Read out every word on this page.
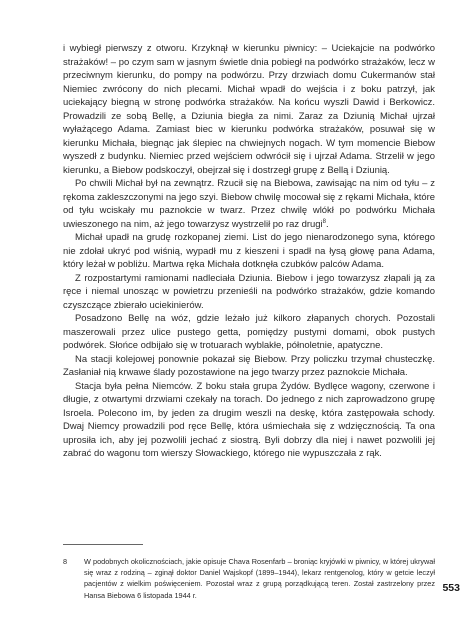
i wybiegł pierwszy z otworu. Krzyknął w kierunku piwnicy: – Uciekajcie na podwórko strażaków! – po czym sam w jasnym świetle dnia pobiegł na podwórko strażaków, lecz w przeciwnym kierunku, do pompy na podwórzu. Przy drzwiach domu Cukermanów stał Niemiec zwrócony do nich plecami. Michał wpadł do wejścia i z boku patrzył, jak uciekający biegną w stronę podwórka strażaków. Na końcu wyszli Dawid i Berkowicz. Prowadzili ze sobą Bellę, a Dziunia biegła za nimi. Zaraz za Dziunią Michał ujrzał wyłażącego Adama. Zamiast biec w kierunku podwórka strażaków, posuwał się w kierunku Michała, biegnąc jak ślepiec na chwiejnych nogach. W tym momencie Biebow wyszedł z budynku. Niemiec przed wejściem odwrócił się i ujrzał Adama. Strzelił w jego kierunku, a Biebow podskoczył, obejrzał się i dostrzegł grupę z Bellą i Dziunią.

Po chwili Michał był na zewnątrz. Rzucił się na Biebowa, zawisając na nim od tyłu – z rękoma zakleszczonymi na jego szyi. Biebow chwilę mocował się z rękami Michała, które od tyłu wciskały mu paznokcie w twarz. Przez chwilę wlókł po podwórku Michała uwieszonego na nim, aż jego towarzysz wystrzelił po raz drugi$^8$.

Michał upadł na grudę rozkopanej ziemi. List do jego nienarodzonego syna, którego nie zdołał ukryć pod wiśnią, wypadł mu z kieszeni i spadł na łysą głowę pana Adama, który leżał w pobliżu. Martwa ręka Michała dotknęła czubków palców Adama.

Z rozpostartymi ramionami nadleciała Dziunia. Biebow i jego towarzysz złapali ją za ręce i niemal unosząc w powietrzu przenieśli na podwórko strażaków, gdzie komando czyszczące zbierało uciekinierów.

Posadzono Bellę na wóz, gdzie leżało już kilkoro złapanych chorych. Pozostali maszerowali przez ulice pustego getta, pomiędzy pustymi domami, obok pustych podwórek. Słońce odbijało się w trotuarach wyblakłe, półnoletnie, apatyczne.

Na stacji kolejowej ponownie pokazał się Biebow. Przy policzku trzymał chusteczkę. Zasłaniał nią krwawe ślady pozostawione na jego twarzy przez paznokcie Michała.

Stacja była pełna Niemców. Z boku stała grupa Żydów. Bydlęce wagony, czerwone i długie, z otwartymi drzwiami czekały na torach. Do jednego z nich zaprowadzono grupę Isroela. Polecono im, by jeden za drugim weszli na deskę, która zastępowała schody. Dwaj Niemcy prowadzili pod ręce Bellę, która uśmiechała się z wdzięcznością. Ta ona uprosiła ich, aby jej pozwolili jechać z siostrą. Byli dobrzy dla niej i nawet pozwolili jej zabrać do wagonu tom wierszy Słowackiego, którego nie wypuszczała z rąk.

8 W podobnych okolicznościach, jakie opisuje Chava Rosenfarb – broniąc kryjówki w piwnicy, w której ukrywał się wraz z rodziną – zginął doktor Daniel Wajskopf (1899–1944), lekarz rentgenolog, który w getcie leczył pacjentów z wielkim poświęceniem. Pozostał wraz z grupą porządkującą teren. Został zastrzelony przez Hansa Biebowa 6 listopada 1944 r.

553
